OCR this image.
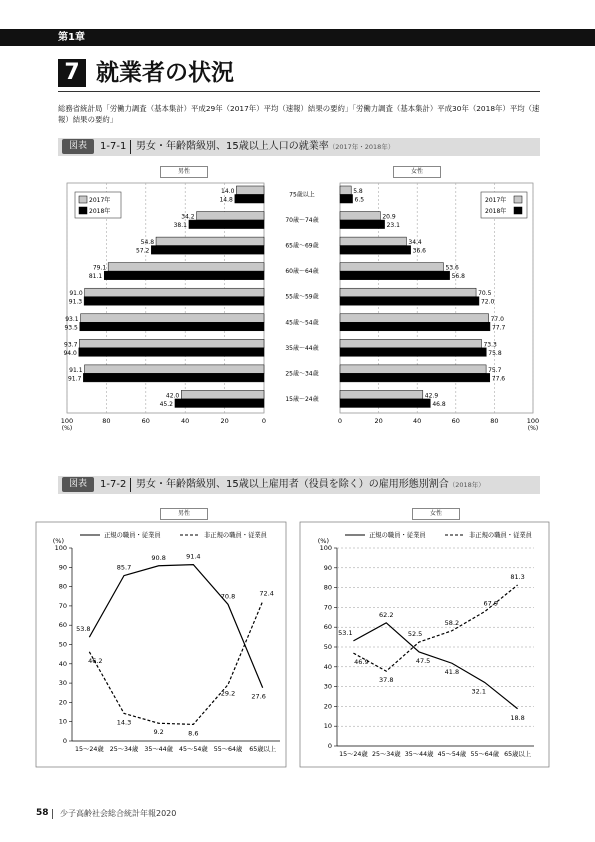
第1章
7 就業者の状況
総務省統計局「労働力調査（基本集計）平成29年（2017年）平均（速報）結果の要約」「労働力調査（基本集計）平成30年（2018年）平均（速報）結果の要約」
図表	1-7-1 男女・年齢階級別、15歳以上人口の就業率（2017年・2018年）
男性	女性
0	0
20	20
40	40
60	60
80	80
100	100
(%)	(%)
75歳以上
14.0
14.8
5.8
6.5
70歳〜74歳
34.2
38.1
20.9
23.1
65歳〜69歳
54.8
57.2
34.4
36.6
60歳〜64歳
79.1
81.1
53.6
56.8
55歳〜59歳
91.0
91.3
70.5
72.0
45歳〜54歳
93.1
93.5
77.0
77.7
35歳〜44歳
93.7
94.0
73.3
75.8
25歳〜34歳
91.1
91.7
75.7
77.6
15歳〜24歳
42.0
45.2
42.9
46.8
2017年
2018年
2017年
2018年
図表	1-7-2 男女・年齢階級別、15歳以上雇用者（役員を除く）の雇用形態別割合（2018年）
男性	女性
0
10
20
30
40
50
60
70
80
90
100
(%)
15〜24歳 25〜34歳 35〜44歳 45〜54歳 55〜64歳 65歳以上
53.8
85.7
90.8	91.4
70.8
27.6
46.2
14.3
9.2	8.6
29.2
72.4
正規の職員・従業員	非正規の職員・従業員
0
10
20
30
40
50
60
70
80
90
100
(%)
15〜24歳 25〜34歳 35〜44歳 45〜54歳 55〜64歳 65歳以上
53.1
62.2
47.5
41.8
32.1
18.8
46.9
37.8
52.5
58.2
67.9
81.3
正規の職員・従業員	非正規の職員・従業員
58 少子高齢社会総合統計年報2020
